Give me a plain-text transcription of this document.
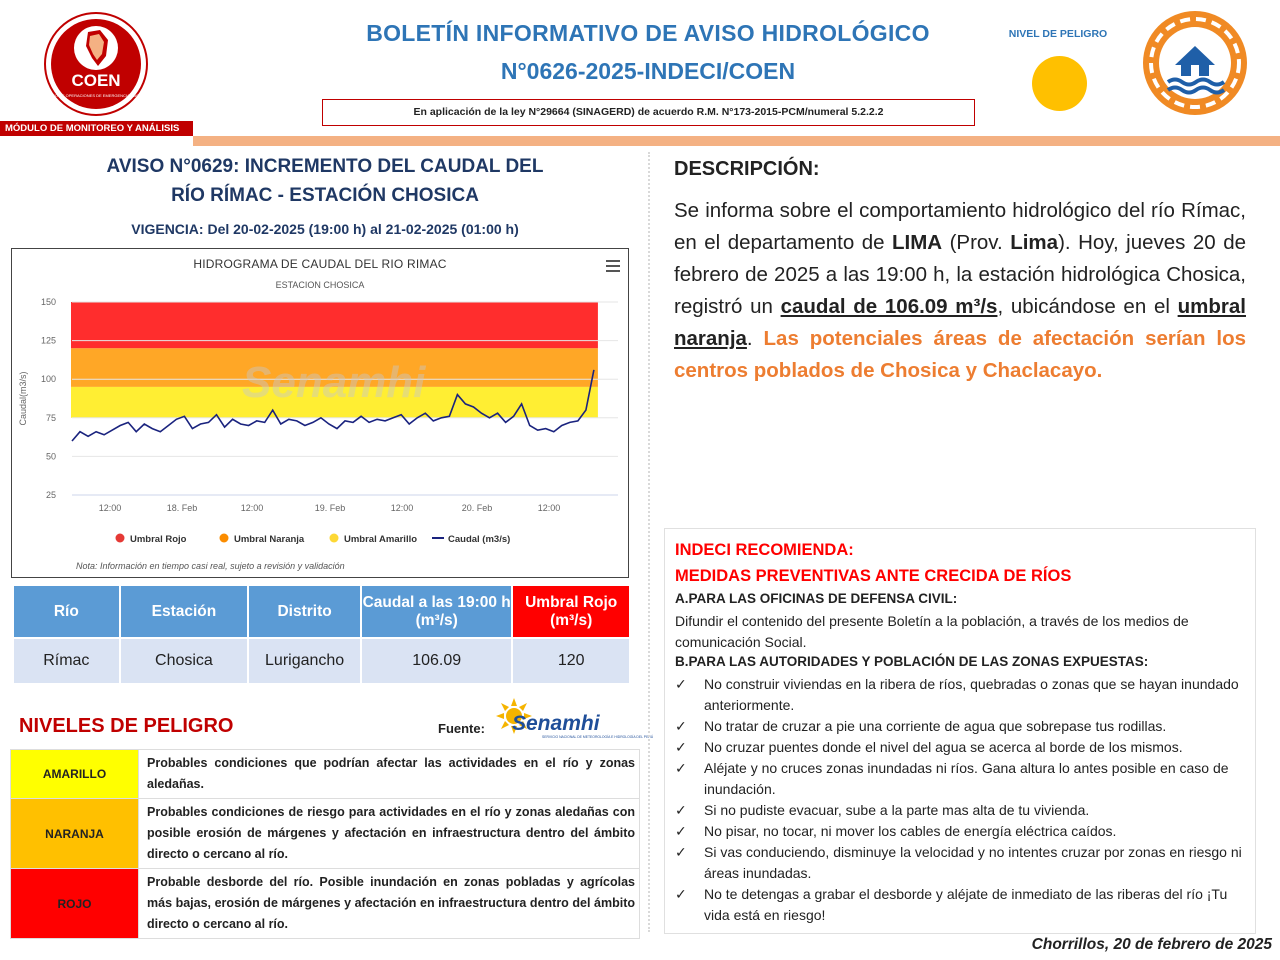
COEN
CENTRO DE OPERACIONES DE EMERGENCIA NACIONAL
BOLETÍN INFORMATIVO DE AVISO HIDROLÓGICO
N°0626-2025-INDECI/COEN
En aplicación de la ley N°29664 (SINAGERD) de acuerdo R.M. N°173-2015-PCM/numeral 5.2.2.2
NIVEL DE PELIGRO
MÓDULO DE MONITOREO Y ANÁLISIS
AVISO N°0629: INCREMENTO DEL CAUDAL DEL
RÍO RÍMAC - ESTACIÓN CHOSICA
VIGENCIA: Del 20-02-2025 (19:00 h) al 21-02-2025 (01:00 h)
HIDROGRAMA DE CAUDAL DEL RIO RIMAC
ESTACION CHOSICA
25
50
75
100
125
150
12:00	18. Feb	12:00	19. Feb	12:00	20. Feb	12:00
Caudal(m3/s)	Senamhi
Umbral Rojo	Umbral Naranja	Umbral Amarillo	Caudal (m3/s)
Nota: Información en tiempo casi real, sujeto a revisión y validación
Río	Estación	Distrito	Caudal a las 19:00 h (m³/s)	Umbral Rojo (m³/s)
Rímac	Chosica	Lurigancho	106.09	120
NIVELES DE PELIGRO	Fuente: Senamhi
SERVICIO NACIONAL DE METEOROLOGÍA E HIDROLOGÍA DEL PERÚ
AMARILLO	Probables condiciones que podrían afectar las actividades en el río y zonas aledañas.
NARANJA	Probables condiciones de riesgo para actividades en el río y zonas aledañas con posible erosión de márgenes y afectación en infraestructura dentro del ámbito directo o cercano al río.
ROJO	Probable desborde del río. Posible inundación en zonas pobladas y agrícolas más bajas, erosión de márgenes y afectación en infraestructura dentro del ámbito directo o cercano al río.
DESCRIPCIÓN:
Se informa sobre el comportamiento hidrológico del río Rímac, en el departamento de LIMA (Prov. Lima). Hoy, jueves 20 de febrero de 2025 a las 19:00 h, la estación hidrológica Chosica, registró un caudal de 106.09 m³/s, ubicándose en el umbral naranja. Las potenciales áreas de afectación serían los centros poblados de Chosica y Chaclacayo.
INDECI RECOMIENDA:
MEDIDAS PREVENTIVAS ANTE CRECIDA DE RÍOS
A.PARA LAS OFICINAS DE DEFENSA CIVIL:
Difundir el contenido del presente Boletín a la población, a través de los medios de comunicación Social.
B.PARA LAS AUTORIDADES Y POBLACIÓN DE LAS ZONAS EXPUESTAS:
✓	No construir viviendas en la ribera de ríos, quebradas o zonas que se hayan inundado anteriormente.
✓	No tratar de cruzar a pie una corriente de agua que sobrepase tus rodillas.
✓	No cruzar puentes donde el nivel del agua se acerca al borde de los mismos.
✓	Aléjate y no cruces zonas inundadas ni ríos. Gana altura lo antes posible en caso de inundación.
✓	Si no pudiste evacuar, sube a la parte mas alta de tu vivienda.
✓	No pisar, no tocar, ni mover los cables de energía eléctrica caídos.
✓	Si vas conduciendo, disminuye la velocidad y no intentes cruzar por zonas en riesgo ni áreas inundadas.
✓	No te detengas a grabar el desborde y aléjate de inmediato de las riberas del río ¡Tu vida está en riesgo!
Chorrillos, 20 de febrero de 2025
